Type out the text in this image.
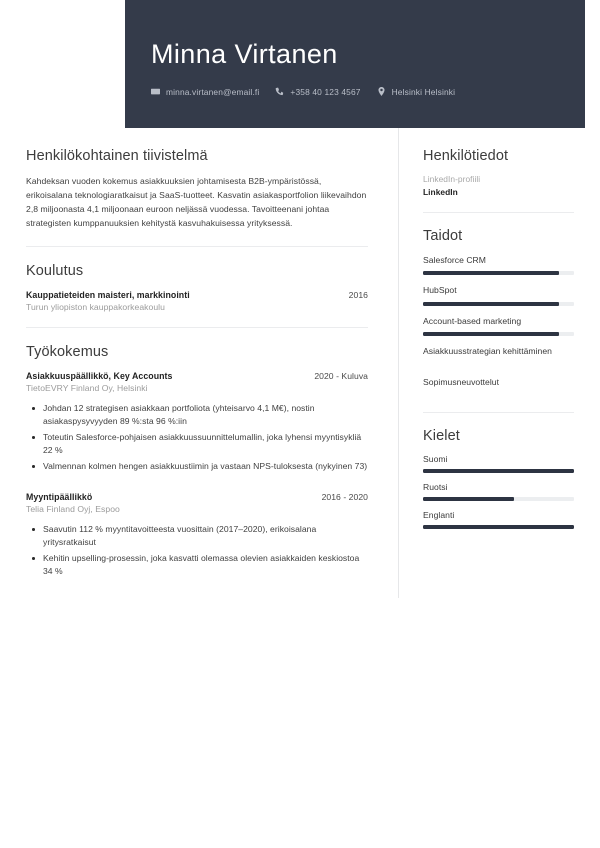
Minna Virtanen
minna.virtanen@email.fi	+358 40 123 4567	Helsinki Helsinki
Henkilökohtainen tiivistelmä
Kahdeksan vuoden kokemus asiakkuuksien johtamisesta B2B-ympäristössä, erikoisalana teknologiaratkaisut ja SaaS-tuotteet. Kasvatin asiakasportfolion liikevaihdon 2,8 miljoonasta 4,1 miljoonaan euroon neljässä vuodessa. Tavoitteenani johtaa strategisten kumppanuuksien kehitystä kasvuhakuisessa yrityksessä.
Koulutus
Kauppatieteiden maisteri, markkinointi	2016
Turun yliopiston kauppakorkeakoulu
Työkokemus
Asiakkuuspäällikkö, Key Accounts	2020 - Kuluva
TietoEVRY Finland Oy, Helsinki
Johdan 12 strategisen asiakkaan portfoliota (yhteisarvo 4,1 M€), nostin asiakaspysyvyyden 89 %:sta 96 %:iin
Toteutin Salesforce-pohjaisen asiakkuussuunnittelumallin, joka lyhensi myyntisykliä 22 %
Valmennan kolmen hengen asiakkuustiimin ja vastaan NPS-tuloksesta (nykyinen 73)
Myyntipäällikkö	2016 - 2020
Telia Finland Oyj, Espoo
Saavutin 112 % myyntitavoitteesta vuosittain (2017–2020), erikoisalana yritysratkaisut
Kehitin upselling-prosessin, joka kasvatti olemassa olevien asiakkaiden keskiostoa 34 %
Henkilötiedot
LinkedIn-profiili
LinkedIn
Taidot
Salesforce CRM
HubSpot
Account-based marketing
Asiakkuusstrategian kehittäminen
Sopimusneuvottelut
Kielet
Suomi
Ruotsi
Englanti
